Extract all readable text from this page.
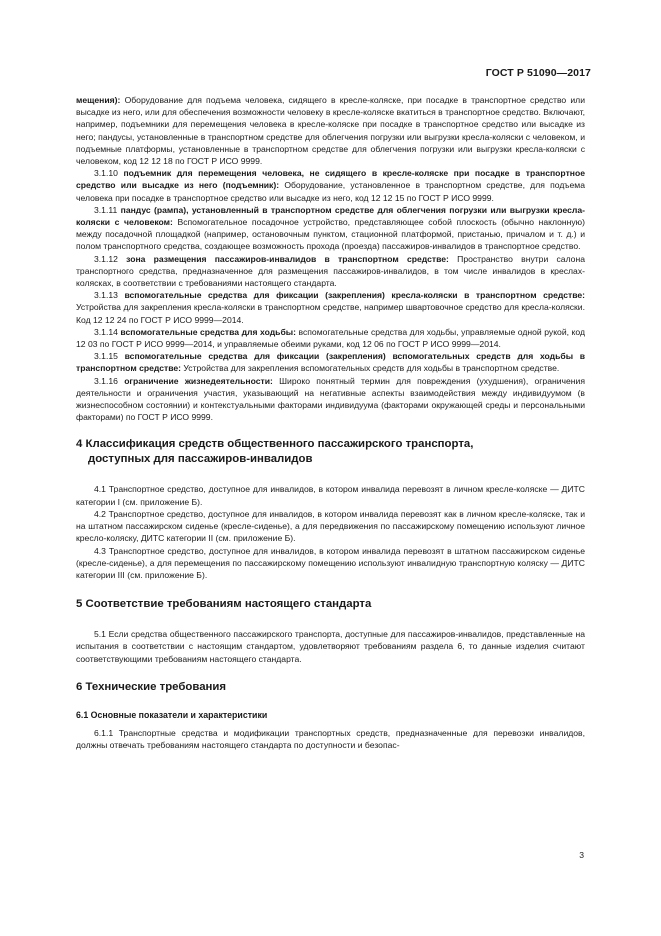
ГОСТ Р 51090—2017

мещения): Оборудование для подъема человека, сидящего в кресле-коляске, при посадке в транспортное средство или высадке из него, или для обеспечения возможности человеку в кресле-коляске вкатиться в транспортное средство. Включают, например, подъемники для перемещения человека в кресле-коляске при посадке в транспортное средство или высадке из него; пандусы, установленные в транспортном средстве для облегчения погрузки или выгрузки кресла-коляски с человеком, и подъемные платформы, установленные в транспортном средстве для облегчения погрузки или выгрузки кресла-коляски с человеком, код 12 12 18 по ГОСТ Р ИСО 9999.

3.1.10 подъемник для перемещения человека, не сидящего в кресле-коляске при посадке в транспортное средство или высадке из него (подъемник): Оборудование, установленное в транспортном средстве, для подъема человека при посадке в транспортное средство или высадке из него, код 12 12 15 по ГОСТ Р ИСО 9999.

3.1.11 пандус (рампа), установленный в транспортном средстве для облегчения погрузки или выгрузки кресла-коляски с человеком: Вспомогательное посадочное устройство, представляющее собой плоскость (обычно наклонную) между посадочной площадкой (например, остановочным пунктом, стационной платформой, пристанью, причалом и т. д.) и полом транспортного средства, создающее возможность прохода (проезда) пассажиров-инвалидов в транспортное средство.

3.1.12 зона размещения пассажиров-инвалидов в транспортном средстве: Пространство внутри салона транспортного средства, предназначенное для размещения пассажиров-инвалидов, в том числе инвалидов в креслах-колясках, в соответствии с требованиями настоящего стандарта.

3.1.13 вспомогательные средства для фиксации (закрепления) кресла-коляски в транспортном средстве: Устройства для закрепления кресла-коляски в транспортном средстве, например швартовочное средство для кресла-коляски. Код 12 12 24 по ГОСТ Р ИСО 9999—2014.

3.1.14 вспомогательные средства для ходьбы: вспомогательные средства для ходьбы, управляемые одной рукой, код 12 03 по ГОСТ Р ИСО 9999—2014, и управляемые обеими руками, код 12 06 по ГОСТ Р ИСО 9999—2014.

3.1.15 вспомогательные средства для фиксации (закрепления) вспомогательных средств для ходьбы в транспортном средстве: Устройства для закрепления вспомогательных средств для ходьбы в транспортном средстве.

3.1.16 ограничение жизнедеятельности: Широко понятный термин для повреждения (ухудшения), ограничения деятельности и ограничения участия, указывающий на негативные аспекты взаимодействия между индивидуумом (в жизнеспособном состоянии) и контекстуальными факторами индивидуума (факторами окружающей среды и персональными факторами) по ГОСТ Р ИСО 9999.

4 Классификация средств общественного пассажирского транспорта,
доступных для пассажиров-инвалидов

4.1 Транспортное средство, доступное для инвалидов, в котором инвалида перевозят в личном кресле-коляске — ДИТС категории I (см. приложение Б).

4.2 Транспортное средство, доступное для инвалидов, в котором инвалида перевозят как в личном кресле-коляске, так и на штатном пассажирском сиденье (кресле-сиденье), а для передвижения по пассажирскому помещению используют личное кресло-коляску, ДИТС категории II (см. приложение Б).

4.3 Транспортное средство, доступное для инвалидов, в котором инвалида перевозят в штатном пассажирском сиденье (кресле-сиденье), а для перемещения по пассажирскому помещению используют инвалидную транспортную коляску — ДИТС категории III (см. приложение Б).

5 Соответствие требованиям настоящего стандарта

5.1 Если средства общественного пассажирского транспорта, доступные для пассажиров-инвалидов, представленные на испытания в соответствии с настоящим стандартом, удовлетворяют требованиям раздела 6, то данные изделия считают соответствующими требованиям настоящего стандарта.

6 Технические требования
6.1 Основные показатели и характеристики

6.1.1 Транспортные средства и модификации транспортных средств, предназначенные для перевозки инвалидов, должны отвечать требованиям настоящего стандарта по доступности и безопас-

3
